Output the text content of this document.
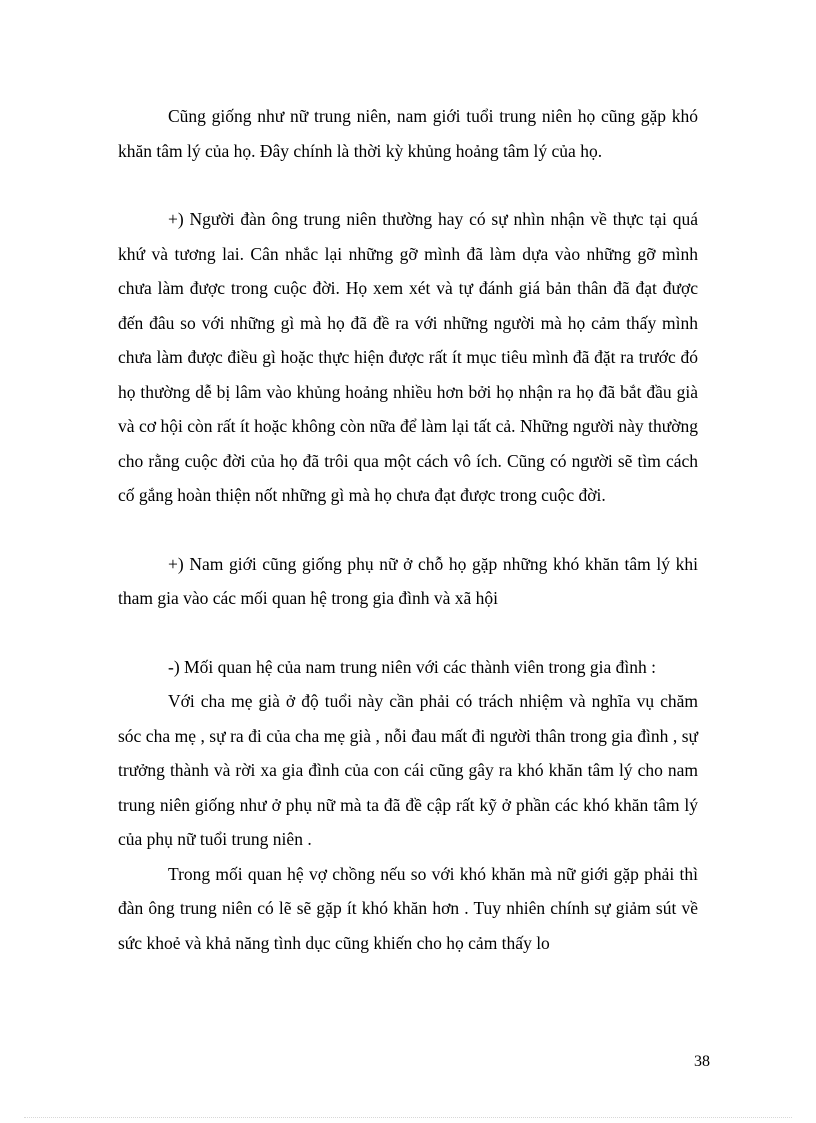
Cũng giống như nữ trung niên, nam giới tuổi trung niên họ cũng gặp khó khăn tâm lý của họ. Đây chính là thời kỳ khủng hoảng tâm lý của họ.

+) Người đàn ông trung niên thường hay có sự nhìn nhận về thực tại quá khứ và tương lai. Cân nhắc lại những gỡ mình đã làm dựa vào những gỡ mình chưa làm được trong cuộc đời. Họ xem xét và tự đánh giá bản thân đã đạt được đến đâu so với những gì mà họ đã đề ra với những người mà họ cảm thấy mình chưa làm được điều gì hoặc thực hiện được rất ít mục tiêu mình đã đặt ra trước đó họ thường dễ bị lâm vào khủng hoảng nhiều hơn bởi họ nhận ra họ đã bắt đầu già và cơ hội còn rất ít hoặc không còn nữa để làm lại tất cả. Những người này thường cho rằng cuộc đời của họ đã trôi qua một cách vô ích. Cũng có người sẽ tìm cách cố gắng hoàn thiện nốt những gì mà họ chưa đạt được trong cuộc đời.

+) Nam giới cũng giống phụ nữ ở chỗ họ gặp những khó khăn tâm lý khi tham gia vào các mối quan hệ trong gia đình và xã hội

-) Mối quan hệ của nam trung niên với các thành viên trong gia đình :

Với cha mẹ già ở độ tuổi này cần phải có trách nhiệm và nghĩa vụ chăm sóc cha mẹ , sự ra đi của cha mẹ già , nỗi đau mất đi người thân trong gia đình , sự trưởng thành và rời xa gia đình của con cái cũng gây ra khó khăn tâm lý cho nam trung niên giống như ở phụ nữ mà ta đã đề cập rất kỹ ở phần các khó khăn tâm lý của phụ nữ tuổi trung niên .

Trong mối quan hệ vợ chồng nếu so với khó khăn mà nữ giới gặp phải thì đàn ông trung niên có lẽ sẽ gặp ít khó khăn hơn . Tuy nhiên chính sự giảm sút về sức khoẻ và khả năng tình dục cũng khiến cho họ cảm thấy lo

38
